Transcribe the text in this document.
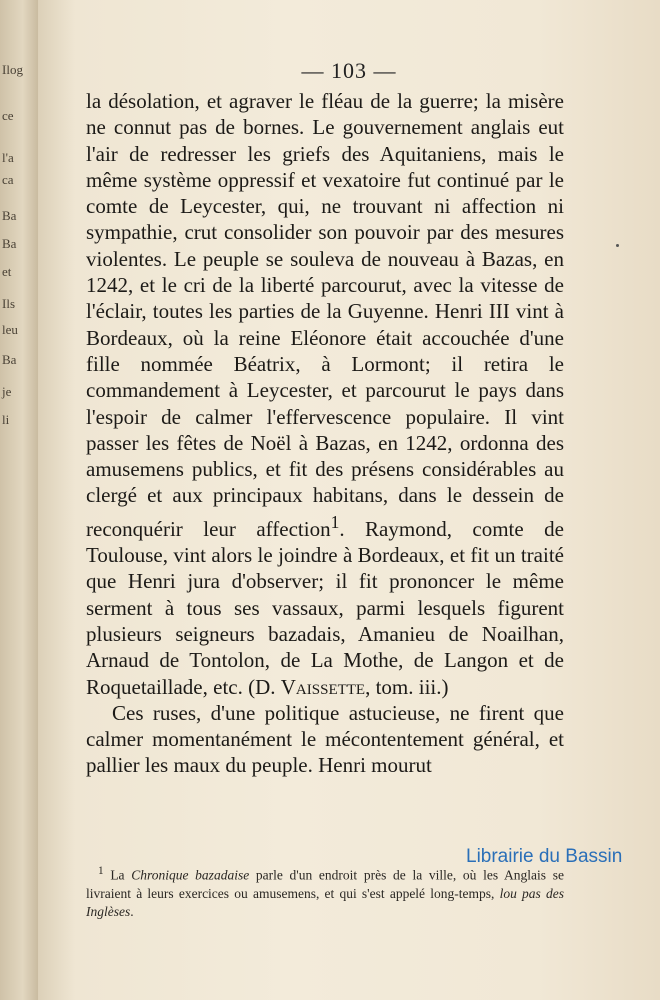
Ilog
ce
l'a
ca
Ba
Ba
et
Ils
leu
Ba
je
li
— 103 —

la désolation, et agraver le fléau de la guerre; la misère ne connut pas de bornes. Le gouvernement anglais eut l'air de redresser les griefs des Aquitaniens, mais le même système oppressif et vexatoire fut continué par le comte de Leycester, qui, ne trouvant ni affection ni sympathie, crut consolider son pouvoir par des mesures violentes. Le peuple se souleva de nouveau à Bazas, en 1242, et le cri de la liberté parcourut, avec la vitesse de l'éclair, toutes les parties de la Guyenne. Henri III vint à Bordeaux, où la reine Eléonore était accouchée d'une fille nommée Béatrix, à Lormont; il retira le commandement à Leycester, et parcourut le pays dans l'espoir de calmer l'effervescence populaire. Il vint passer les fêtes de Noël à Bazas, en 1242, ordonna des amusemens publics, et fit des présens considérables au clergé et aux principaux habitans, dans le dessein de reconquérir leur affection$^1$. Raymond, comte de Toulouse, vint alors le joindre à Bordeaux, et fit un traité que Henri jura d'observer; il fit prononcer le même serment à tous ses vassaux, parmi lesquels figurent plusieurs seigneurs bazadais, Amanieu de Noailhan, Arnaud de Tontolon, de La Mothe, de Langon et de Roquetaillade, etc. (D. Vaissette, tom. iii.)

Ces ruses, d'une politique astucieuse, ne firent que calmer momentanément le mécontentement général, et pallier les maux du peuple. Henri mourut

$^1$ La Chronique bazadaise parle d'un endroit près de la ville, où les Anglais se livraient à leurs exercices ou amusemens, et qui s'est appelé long-temps, lou pas des Inglèses.
Librairie du Bassin
